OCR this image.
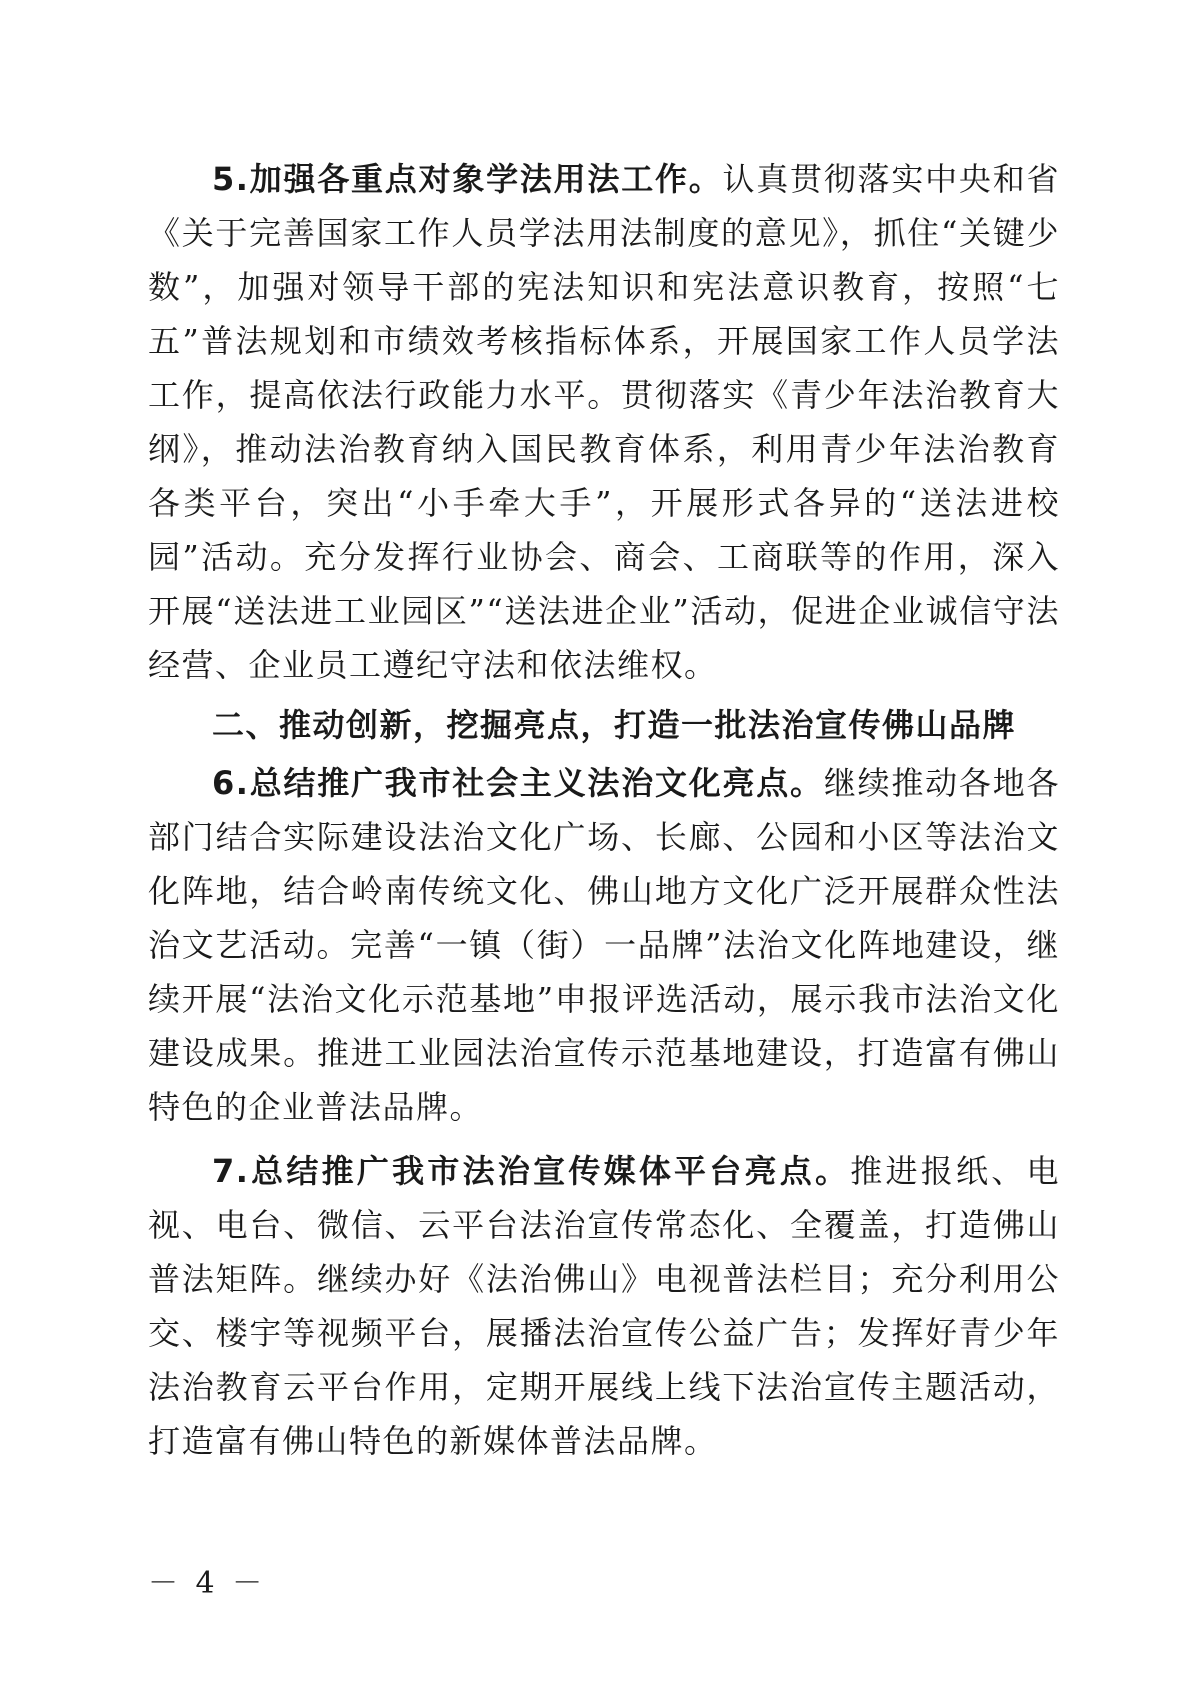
5.加强各重点对象学法用法工作。认真贯彻落实中央和省《关于完善国家工作人员学法用法制度的意见》，抓住“关键少数”，加强对领导干部的宪法知识和宪法意识教育，按照“七五”普法规划和市绩效考核指标体系，开展国家工作人员学法工作，提高依法行政能力水平。贯彻落实《青少年法治教育大纲》，推动法治教育纳入国民教育体系，利用青少年法治教育各类平台，突出“小手牵大手”，开展形式各异的“送法进校园”活动。充分发挥行业协会、商会、工商联等的作用，深入开展“送法进工业园区”“送法进企业”活动，促进企业诚信守法经营、企业员工遵纪守法和依法维权。

二、推动创新，挖掘亮点，打造一批法治宣传佛山品牌

6.总结推广我市社会主义法治文化亮点。继续推动各地各部门结合实际建设法治文化广场、长廊、公园和小区等法治文化阵地，结合岭南传统文化、佛山地方文化广泛开展群众性法治文艺活动。完善“一镇（街）一品牌”法治文化阵地建设，继续开展“法治文化示范基地”申报评选活动，展示我市法治文化建设成果。推进工业园法治宣传示范基地建设，打造富有佛山特色的企业普法品牌。

7.总结推广我市法治宣传媒体平台亮点。推进报纸、电视、电台、微信、云平台法治宣传常态化、全覆盖，打造佛山普法矩阵。继续办好《法治佛山》电视普法栏目；充分利用公交、楼宇等视频平台，展播法治宣传公益广告；发挥好青少年法治教育云平台作用，定期开展线上线下法治宣传主题活动，打造富有佛山特色的新媒体普法品牌。

－ 4 －
